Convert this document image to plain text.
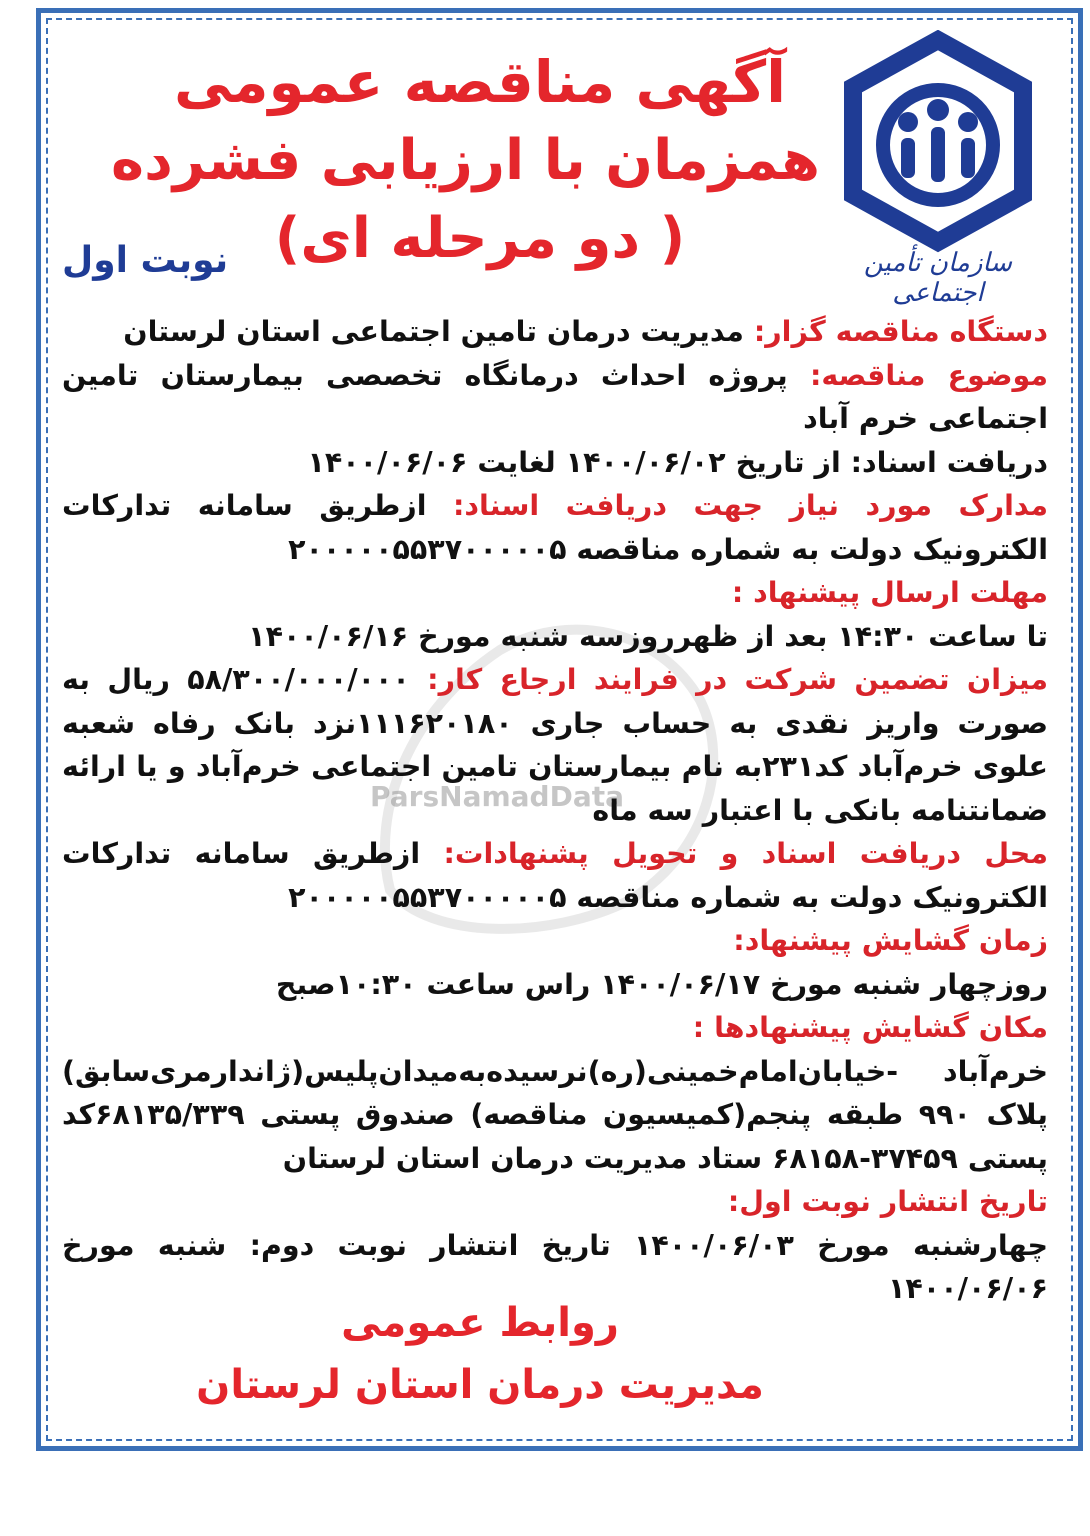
سازمان تأمین اجتماعی
آگهی مناقصه عمومی
همزمان با ارزیابی فشرده
( دو مرحله ای)
نوبت اول
ParsNamadData

دستگاه مناقصه گزار: مدیریت درمان تامین اجتماعی استان لرستان

موضوع مناقصه: پروژه احداث درمانگاه تخصصی بیمارستان تامین اجتماعی خرم آباد

دریافت اسناد: از تاریخ ۱۴۰۰/۰۶/۰۲ لغایت ۱۴۰۰/۰۶/۰۶

مدارک مورد نیاز جهت دریافت اسناد: ازطریق سامانه تدارکات الکترونیک دولت به شماره مناقصه ۲۰۰۰۰۰۵۵۳۷۰۰۰۰۰۵

مهلت ارسال پیشنهاد :

تا ساعت ۱۴:۳۰ بعد از ظهرروزسه شنبه مورخ ۱۴۰۰/۰۶/۱۶

میزان تضمین شرکت در فرایند ارجاع کار: ۵۸/۳۰۰/۰۰۰/۰۰۰ ریال به صورت واریز نقدی به حساب جاری ۱۱۱۶۲۰۱۸۰نزد بانک رفاه شعبه علوی خرم‌آباد کد۲۳۱به نام بیمارستان تامین اجتماعی خرم‌آباد و یا ارائه ضمانتنامه بانکی با اعتبار سه ماه

محل دریافت اسناد و تحویل پشنهادات: ازطریق سامانه تدارکات الکترونیک دولت به شماره مناقصه ۲۰۰۰۰۰۵۵۳۷۰۰۰۰۰۵

زمان گشایش پیشنهاد:

روزچهار شنبه مورخ ۱۴۰۰/۰۶/۱۷ راس ساعت ۱۰:۳۰صبح

مکان گشایش پیشنهادها :

خرم‌آباد -خیابان‌امام‌خمینی(ره)نرسیده‌به‌میدان‌پلیس(ژاندارمری‌سابق) پلاک ۹۹۰ طبقه پنجم(کمیسیون مناقصه) صندوق پستی ۶۸۱۳۵/۳۳۹کد پستی ۳۷۴۵۹-۶۸۱۵۸ ستاد مدیریت درمان استان لرستان

تاریخ انتشار نوبت اول:

چهارشنبه مورخ ۱۴۰۰/۰۶/۰۳ تاریخ انتشار نوبت دوم: شنبه مورخ ۱۴۰۰/۰۶/۰۶

روابط عمومی
مدیریت درمان استان لرستان
